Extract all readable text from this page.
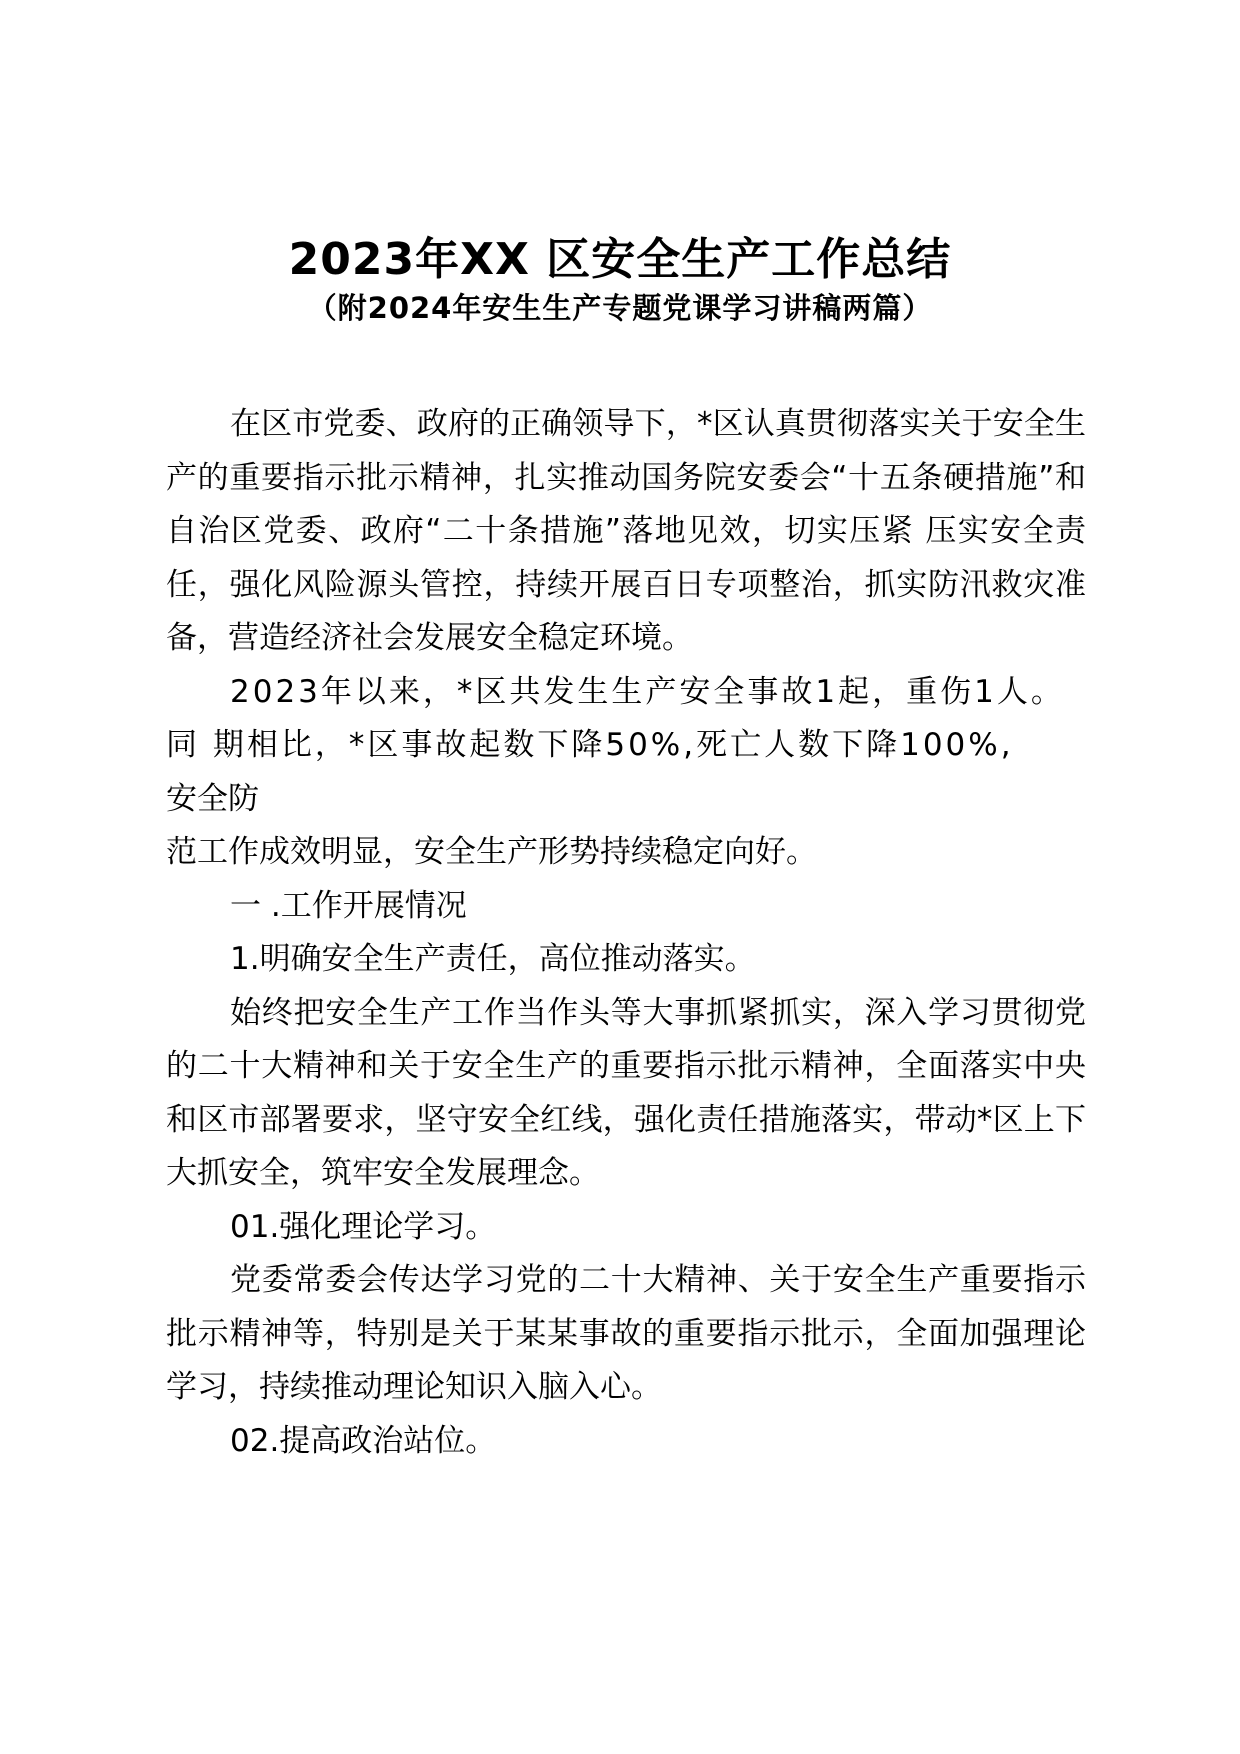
2023年XX 区安全生产工作总结
（附2024年安生生产专题党课学习讲稿两篇）

在区市党委、政府的正确领导下，*区认真贯彻落实关于安全生产的重要指示批示精神，扎实推动国务院安委会“十五条硬措施”和自治区党委、政府“二十条措施”落地见效，切实压紧 压实安全责任，强化风险源头管控，持续开展百日专项整治，抓实防汛救灾准备，营造经济社会发展安全稳定环境。

2023年以来，*区共发生生产安全事故1起，重伤1人。

同 期相比，*区事故起数下降50%,死亡人数下降100%,

安全防

范工作成效明显，安全生产形势持续稳定向好。

一 .工作开展情况

1.明确安全生产责任，高位推动落实。

始终把安全生产工作当作头等大事抓紧抓实，深入学习贯彻党的二十大精神和关于安全生产的重要指示批示精神，全面落实中央和区市部署要求，坚守安全红线，强化责任措施落实，带动*区上下大抓安全，筑牢安全发展理念。

01.强化理论学习。

党委常委会传达学习党的二十大精神、关于安全生产重要指示批示精神等，特别是关于某某事故的重要指示批示，全面加强理论学习，持续推动理论知识入脑入心。

02.提高政治站位。
